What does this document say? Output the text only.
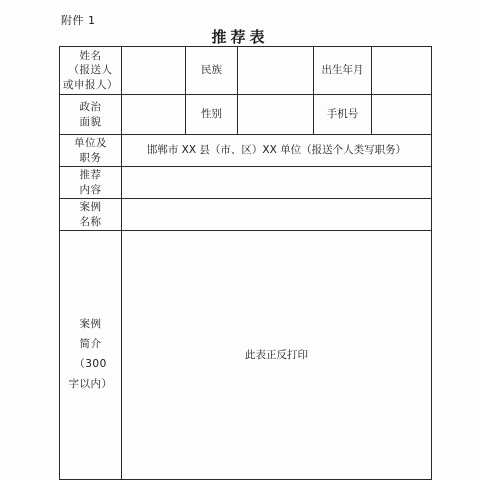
附件 1
推荐表
姓名
（报送人
或申报人）		民族		出生年月	

政治
面貌		性别		手机号	

单位及
职务	邯郸市 XX 县（市、区）XX 单位（报送个人类写职务）				

推荐
内容					

案例
名称					

案例
简介
（300
字以内）	此表正反打印				
